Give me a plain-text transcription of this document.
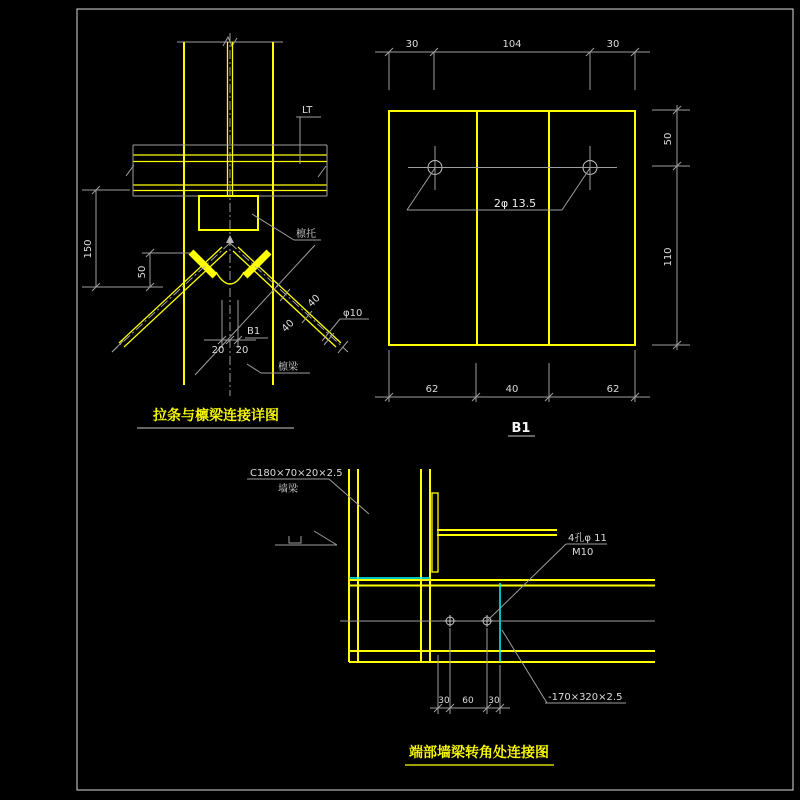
LT
檩托
檩梁
B1
150
50
20 20
40
40
φ10
拉条与檩梁连接详图
2φ 13.5
30	104	30
50
110
62	40	62
B1
C180×70×20×2.5
墙梁
4孔φ 11
M10
-170×320×2.5
30 60 30
端部墙梁转角处连接图
